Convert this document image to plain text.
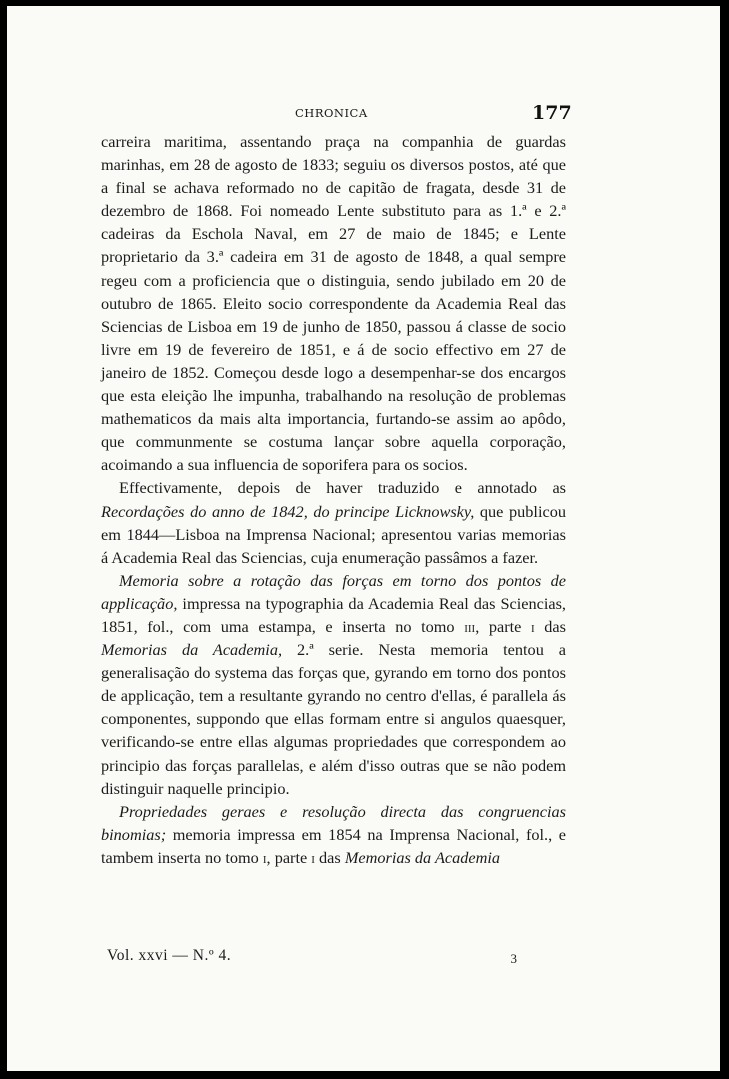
CHRONICA	177

carreira maritima, assentando praça na companhia de guardas marinhas, em 28 de agosto de 1833; seguiu os diversos postos, até que a final se achava reformado no de capitão de fragata, desde 31 de dezembro de 1868. Foi nomeado Lente substituto para as 1.ª e 2.ª cadeiras da Eschola Naval, em 27 de maio de 1845; e Lente proprietario da 3.ª cadeira em 31 de agosto de 1848, a qual sempre regeu com a proficiencia que o distinguia, sendo jubilado em 20 de outubro de 1865. Eleito socio correspondente da Academia Real das Sciencias de Lisboa em 19 de junho de 1850, passou á classe de socio livre em 19 de fevereiro de 1851, e á de socio effectivo em 27 de janeiro de 1852. Começou desde logo a desempenhar-se dos encargos que esta eleição lhe impunha, trabalhando na resolução de problemas mathematicos da mais alta importancia, furtando-se assim ao apôdo, que communmente se costuma lançar sobre aquella corporação, acoimando a sua influencia de soporifera para os socios.

Effectivamente, depois de haver traduzido e annotado as Recordações do anno de 1842, do principe Licknowsky, que publicou em 1844—Lisboa na Imprensa Nacional; apresentou varias memorias á Academia Real das Sciencias, cuja enumeração passâmos a fazer.

Memoria sobre a rotação das forças em torno dos pontos de applicação, impressa na typographia da Academia Real das Sciencias, 1851, fol., com uma estampa, e inserta no tomo iii, parte i das Memorias da Academia, 2.ª serie. Nesta memoria tentou a generalisação do systema das forças que, gyrando em torno dos pontos de applicação, tem a resultante gyrando no centro d'ellas, é parallela ás componentes, suppondo que ellas formam entre si angulos quaesquer, verificando-se entre ellas algumas propriedades que correspondem ao principio das forças parallelas, e além d'isso outras que se não podem distinguir naquelle principio.

Propriedades geraes e resolução directa das congruencias binomias; memoria impressa em 1854 na Imprensa Nacional, fol., e tambem inserta no tomo i, parte i das Memorias da Academia

Vol. xxvi — N.º 4.	3
